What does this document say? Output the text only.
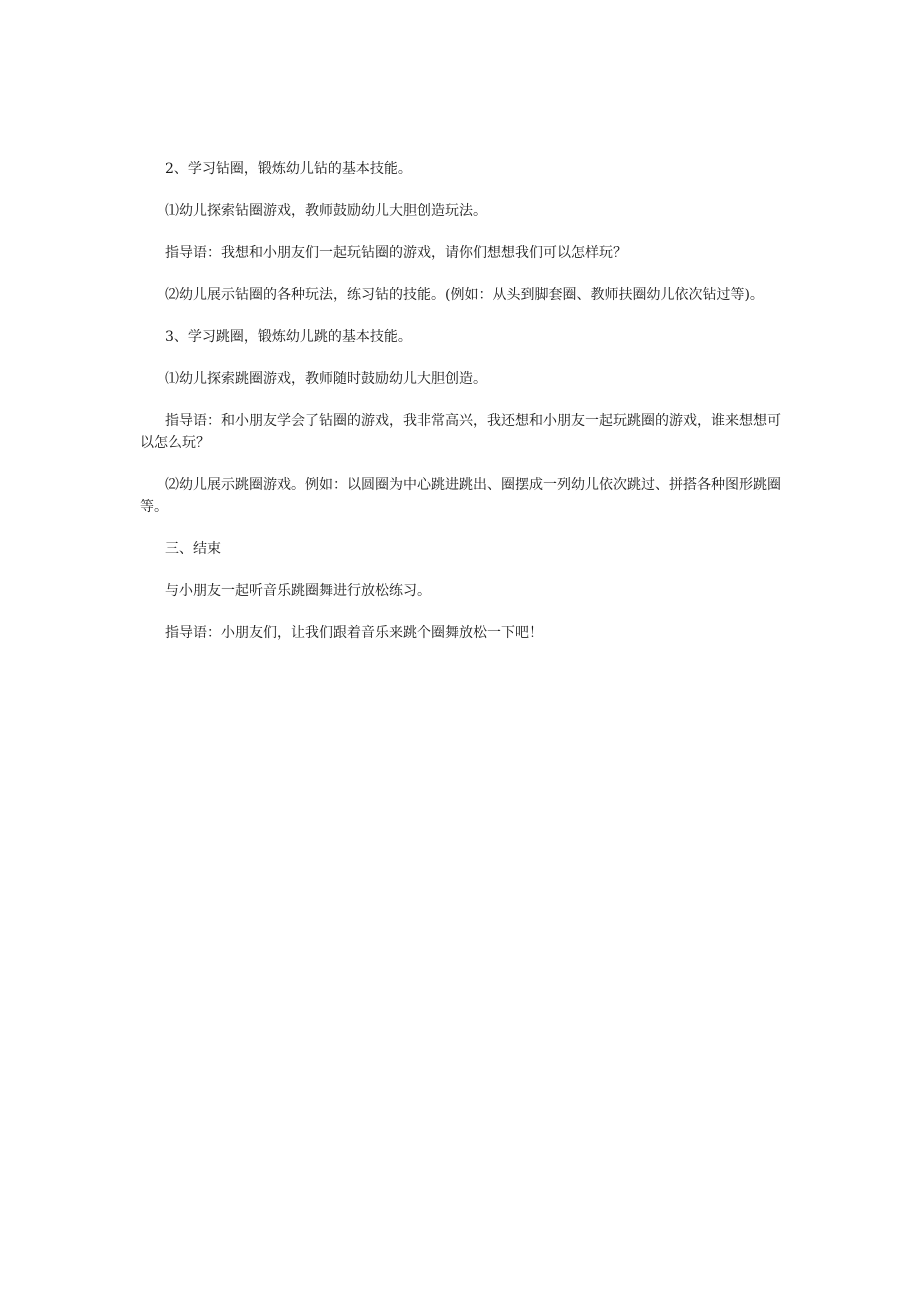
2、学习钻圈，锻炼幼儿钻的基本技能。

⑴幼儿探索钻圈游戏，教师鼓励幼儿大胆创造玩法。

指导语：我想和小朋友们一起玩钻圈的游戏，请你们想想我们可以怎样玩？

⑵幼儿展示钻圈的各种玩法，练习钻的技能。(例如：从头到脚套圈、教师扶圈幼儿依次钻过等)。

3、学习跳圈，锻炼幼儿跳的基本技能。

⑴幼儿探索跳圈游戏，教师随时鼓励幼儿大胆创造。

指导语：和小朋友学会了钻圈的游戏，我非常高兴，我还想和小朋友一起玩跳圈的游戏，谁来想想可以怎么玩？

⑵幼儿展示跳圈游戏。例如：以圆圈为中心跳进跳出、圈摆成一列幼儿依次跳过、拼搭各种图形跳圈等。

三、结束

与小朋友一起听音乐跳圈舞进行放松练习。

指导语：小朋友们，让我们跟着音乐来跳个圈舞放松一下吧！
